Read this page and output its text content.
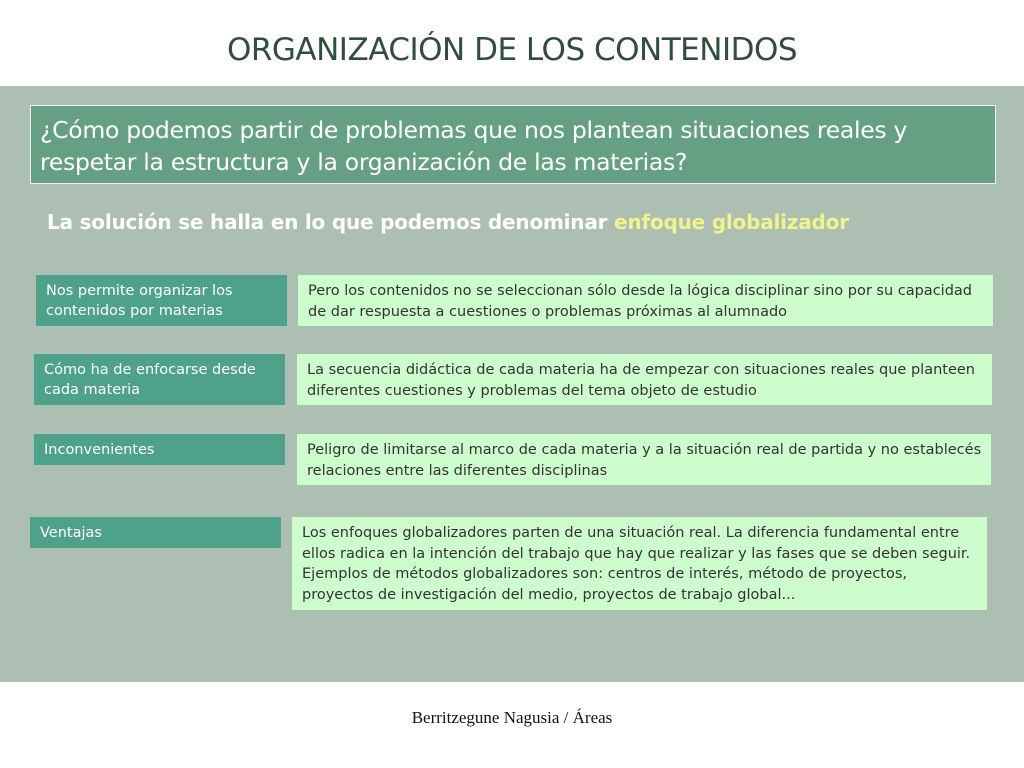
ORGANIZACIÓN DE LOS CONTENIDOS
¿Cómo podemos partir de problemas que nos plantean situaciones reales y respetar la estructura y la organización de las materias?
La solución se halla en lo que podemos denominar enfoque globalizador
Nos permite organizar los contenidos por materias
Pero los contenidos no se seleccionan sólo desde la lógica disciplinar sino por su capacidad de dar respuesta a cuestiones o problemas próximas al alumnado
Cómo ha de enfocarse desde cada materia
La secuencia didáctica de cada materia ha de empezar con situaciones reales que planteen diferentes cuestiones y problemas del tema objeto de estudio
Inconvenientes	Peligro de limitarse al marco de cada materia y a la situación real de partida y no establecés relaciones entre las diferentes disciplinas
Ventajas	Los enfoques globalizadores parten de una situación real. La diferencia fundamental entre ellos radica en la intención del trabajo que hay que realizar y las fases que se deben seguir. Ejemplos de métodos globalizadores son: centros de interés, método de proyectos, proyectos de investigación del medio, proyectos de trabajo global...
Berritzegune Nagusia / Áreas
